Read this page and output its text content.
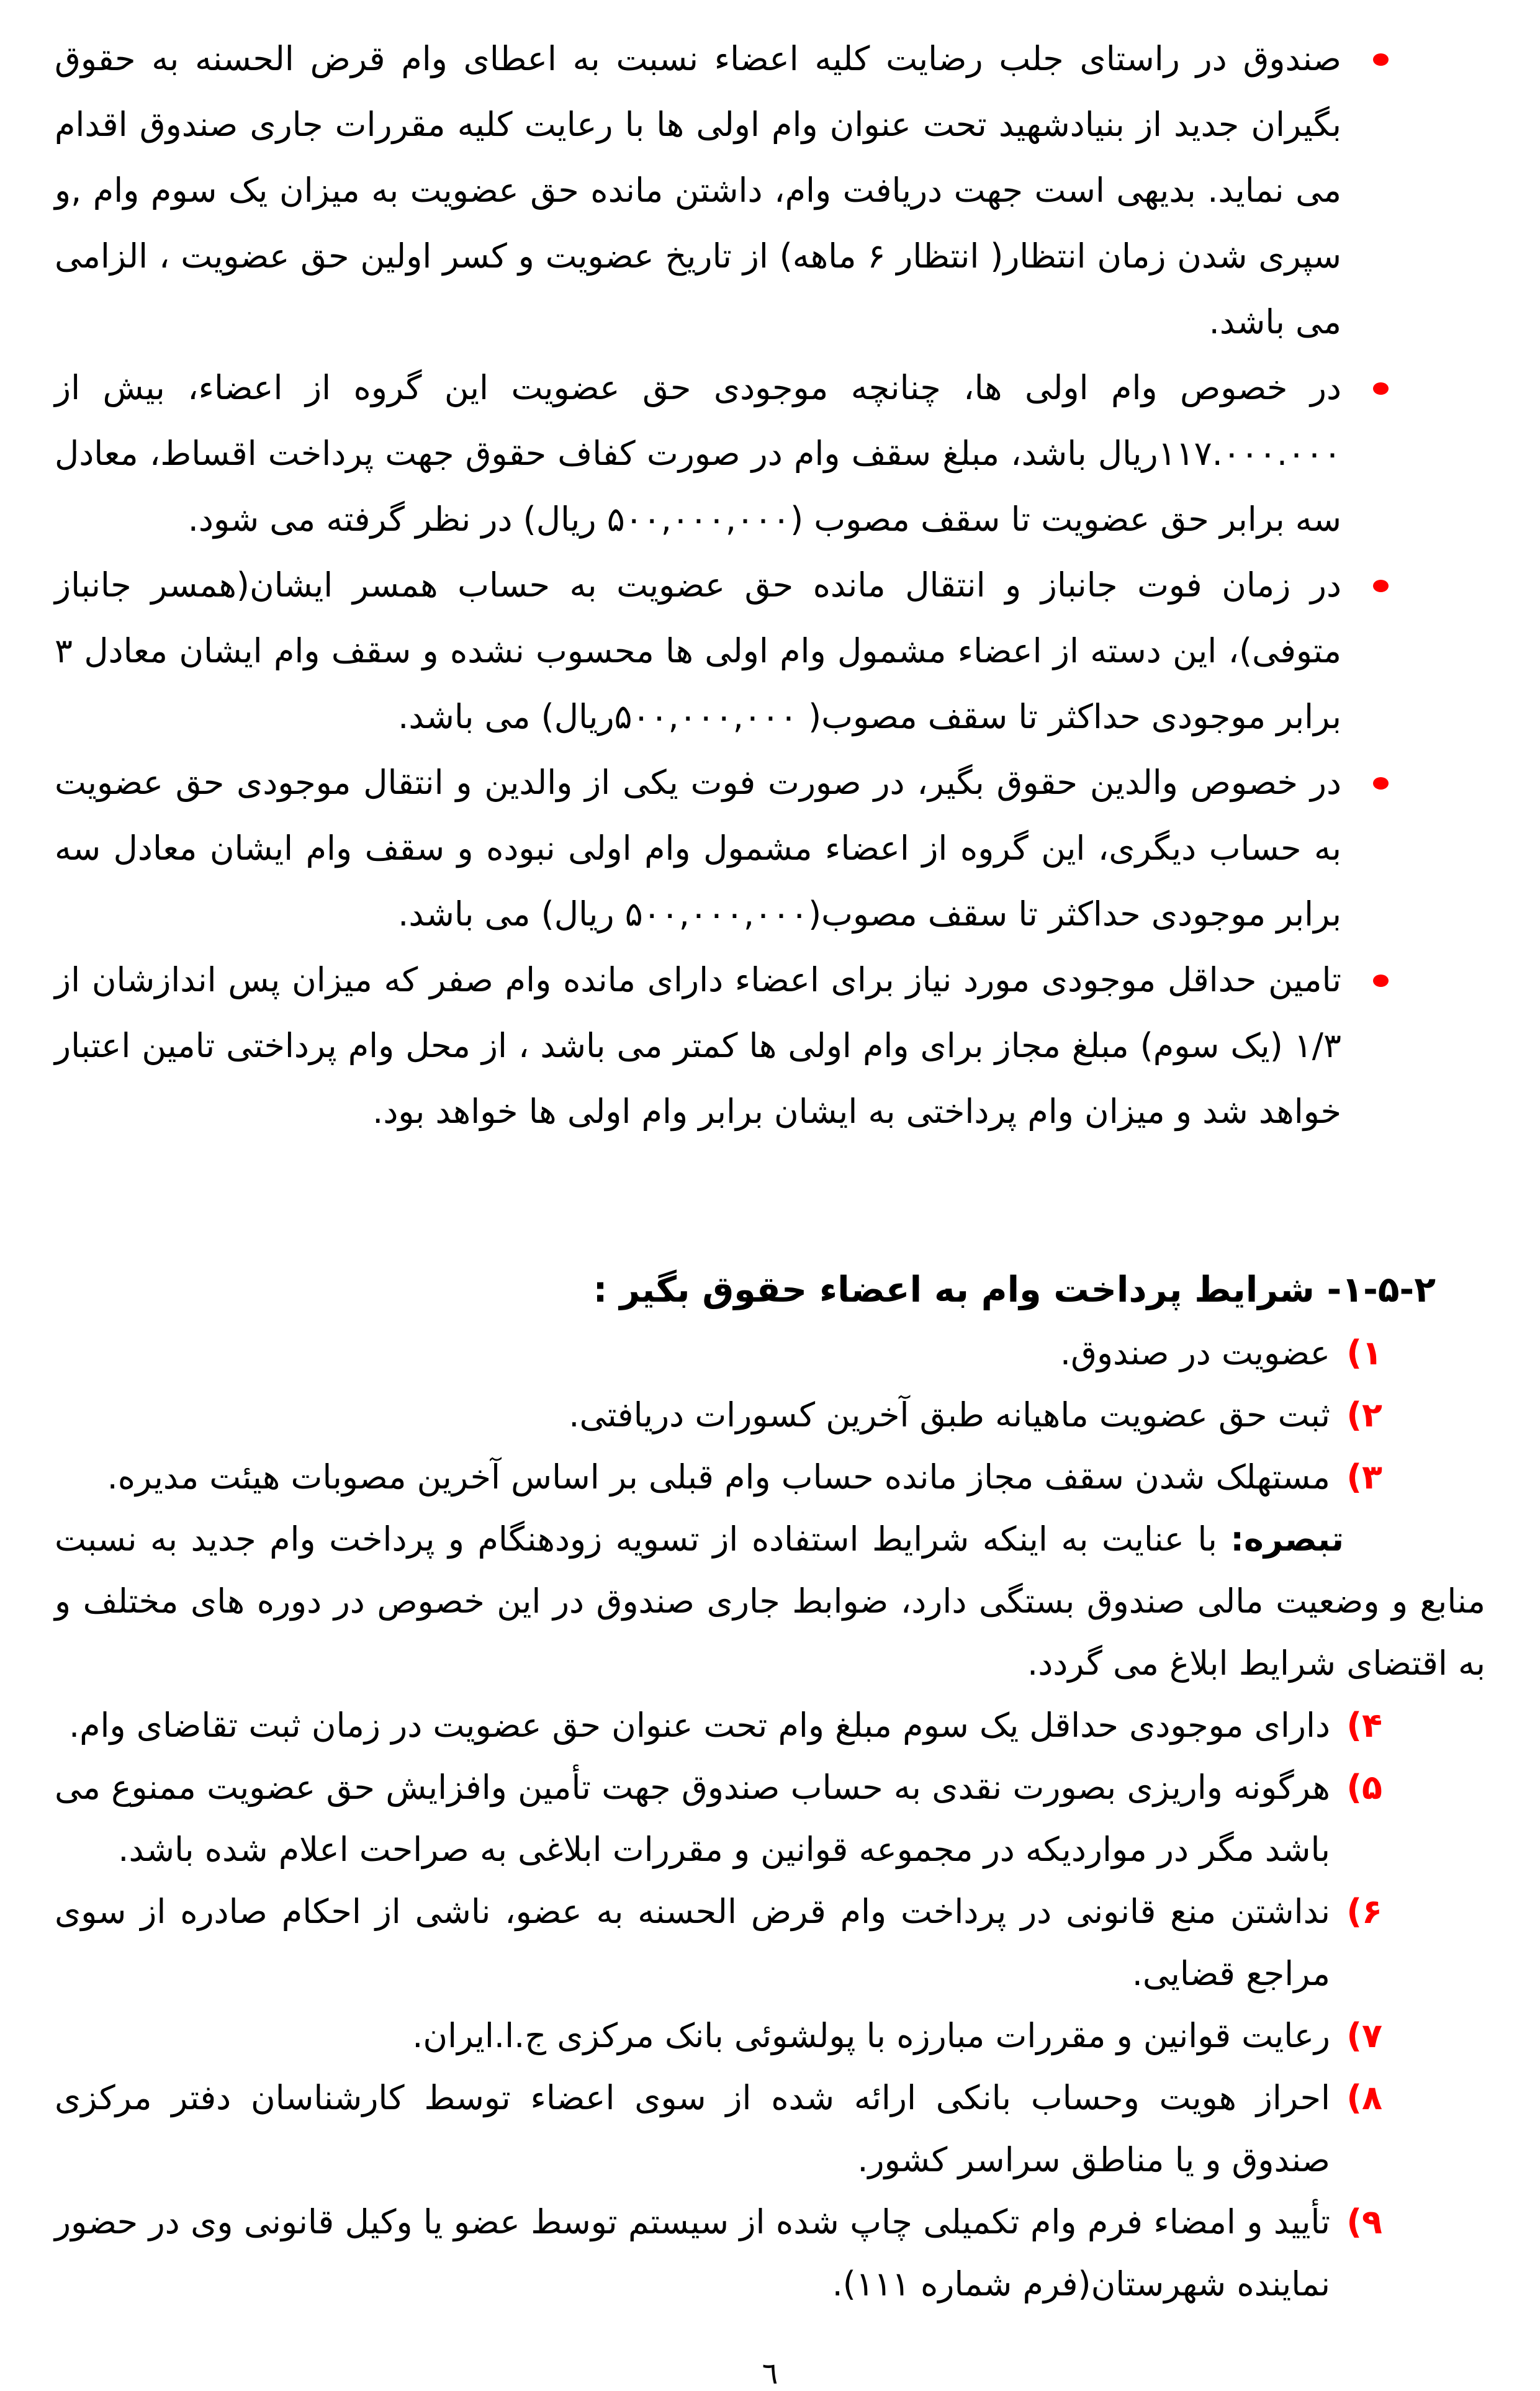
صندوق در راستای جلب رضایت کلیه اعضاء نسبت به اعطای وام قرض الحسنه به حقوق بگیران جدید از بنیادشهید تحت عنوان وام اولی ها با رعایت کلیه مقررات جاری صندوق اقدام می نماید. بدیهی است جهت دریافت وام، داشتن مانده حق عضویت به میزان یک سوم وام ,و سپری شدن زمان انتظار( انتظار ۶ ماهه) از تاریخ عضویت و کسر اولین حق عضویت ، الزامی می باشد.
در خصوص وام اولی ها، چنانچه موجودی حق عضویت این گروه از اعضاء، بیش از ۱۱۷.۰۰۰.۰۰۰ریال باشد، مبلغ سقف وام در صورت کفاف حقوق جهت پرداخت اقساط، معادل سه برابر حق عضویت تا سقف مصوب (۵۰۰,۰۰۰,۰۰۰ ریال) در نظر گرفته می شود.
در زمان فوت جانباز و انتقال مانده حق عضویت به حساب همسر ایشان(همسر جانباز متوفی)، این دسته از اعضاء مشمول وام اولی ها محسوب نشده و سقف وام ایشان معادل ۳ برابر موجودی حداکثر تا سقف مصوب( ۵۰۰,۰۰۰,۰۰۰ریال) می باشد.
در خصوص والدین حقوق بگیر، در صورت فوت یکی از والدین و انتقال موجودی حق عضویت به حساب دیگری، این گروه از اعضاء مشمول وام اولی نبوده و سقف وام ایشان معادل سه برابر موجودی حداکثر تا سقف مصوب(۵۰۰,۰۰۰,۰۰۰ ریال) می باشد.
تامین حداقل موجودی مورد نیاز برای اعضاء دارای مانده وام صفر که میزان پس اندازشان از ۱/۳ (یک سوم) مبلغ مجاز برای وام اولی ها کمتر می باشد ، از محل وام پرداختی تامین اعتبار خواهد شد و میزان وام پرداختی به ایشان برابر وام اولی ها خواهد بود.
۱-۵-۲- شرایط پرداخت وام به اعضاء حقوق بگیر :
۱)
عضویت در صندوق.
۲)
ثبت حق عضویت ماهیانه طبق آخرین کسورات دریافتی.
۳)
مستهلک شدن سقف مجاز مانده حساب وام قبلی بر اساس آخرین مصوبات هیئت مدیره.
تبصره: با عنایت به اینکه شرایط استفاده از تسویه زودهنگام و پرداخت وام جدید به نسبت منابع و وضعیت مالی صندوق بستگی دارد، ضوابط جاری صندوق در این خصوص در دوره های مختلف و به اقتضای شرایط ابلاغ می گردد.
۴)
دارای موجودی حداقل یک سوم مبلغ وام تحت عنوان حق عضویت در زمان ثبت تقاضای وام.
۵)
هرگونه واریزی بصورت نقدی به حساب صندوق جهت تأمین وافزایش حق عضویت ممنوع می باشد مگر در مواردیکه در مجموعه قوانین و مقررات ابلاغی به صراحت اعلام شده باشد.
۶)
نداشتن منع قانونی در پرداخت وام قرض الحسنه به عضو، ناشی از احکام صادره از سوی مراجع قضایی.
۷)
رعایت قوانین و مقررات مبارزه با پولشوئی بانک مرکزی ج.ا.ایران.
۸)
احراز هویت وحساب بانکی ارائه شده از سوی اعضاء توسط کارشناسان دفتر مرکزی صندوق و یا مناطق سراسر کشور.
۹)
تأیید و امضاء فرم وام تکمیلی چاپ شده از سیستم توسط عضو یا وکیل قانونی وی در حضور نماینده شهرستان(فرم شماره ۱۱۱).
٦
